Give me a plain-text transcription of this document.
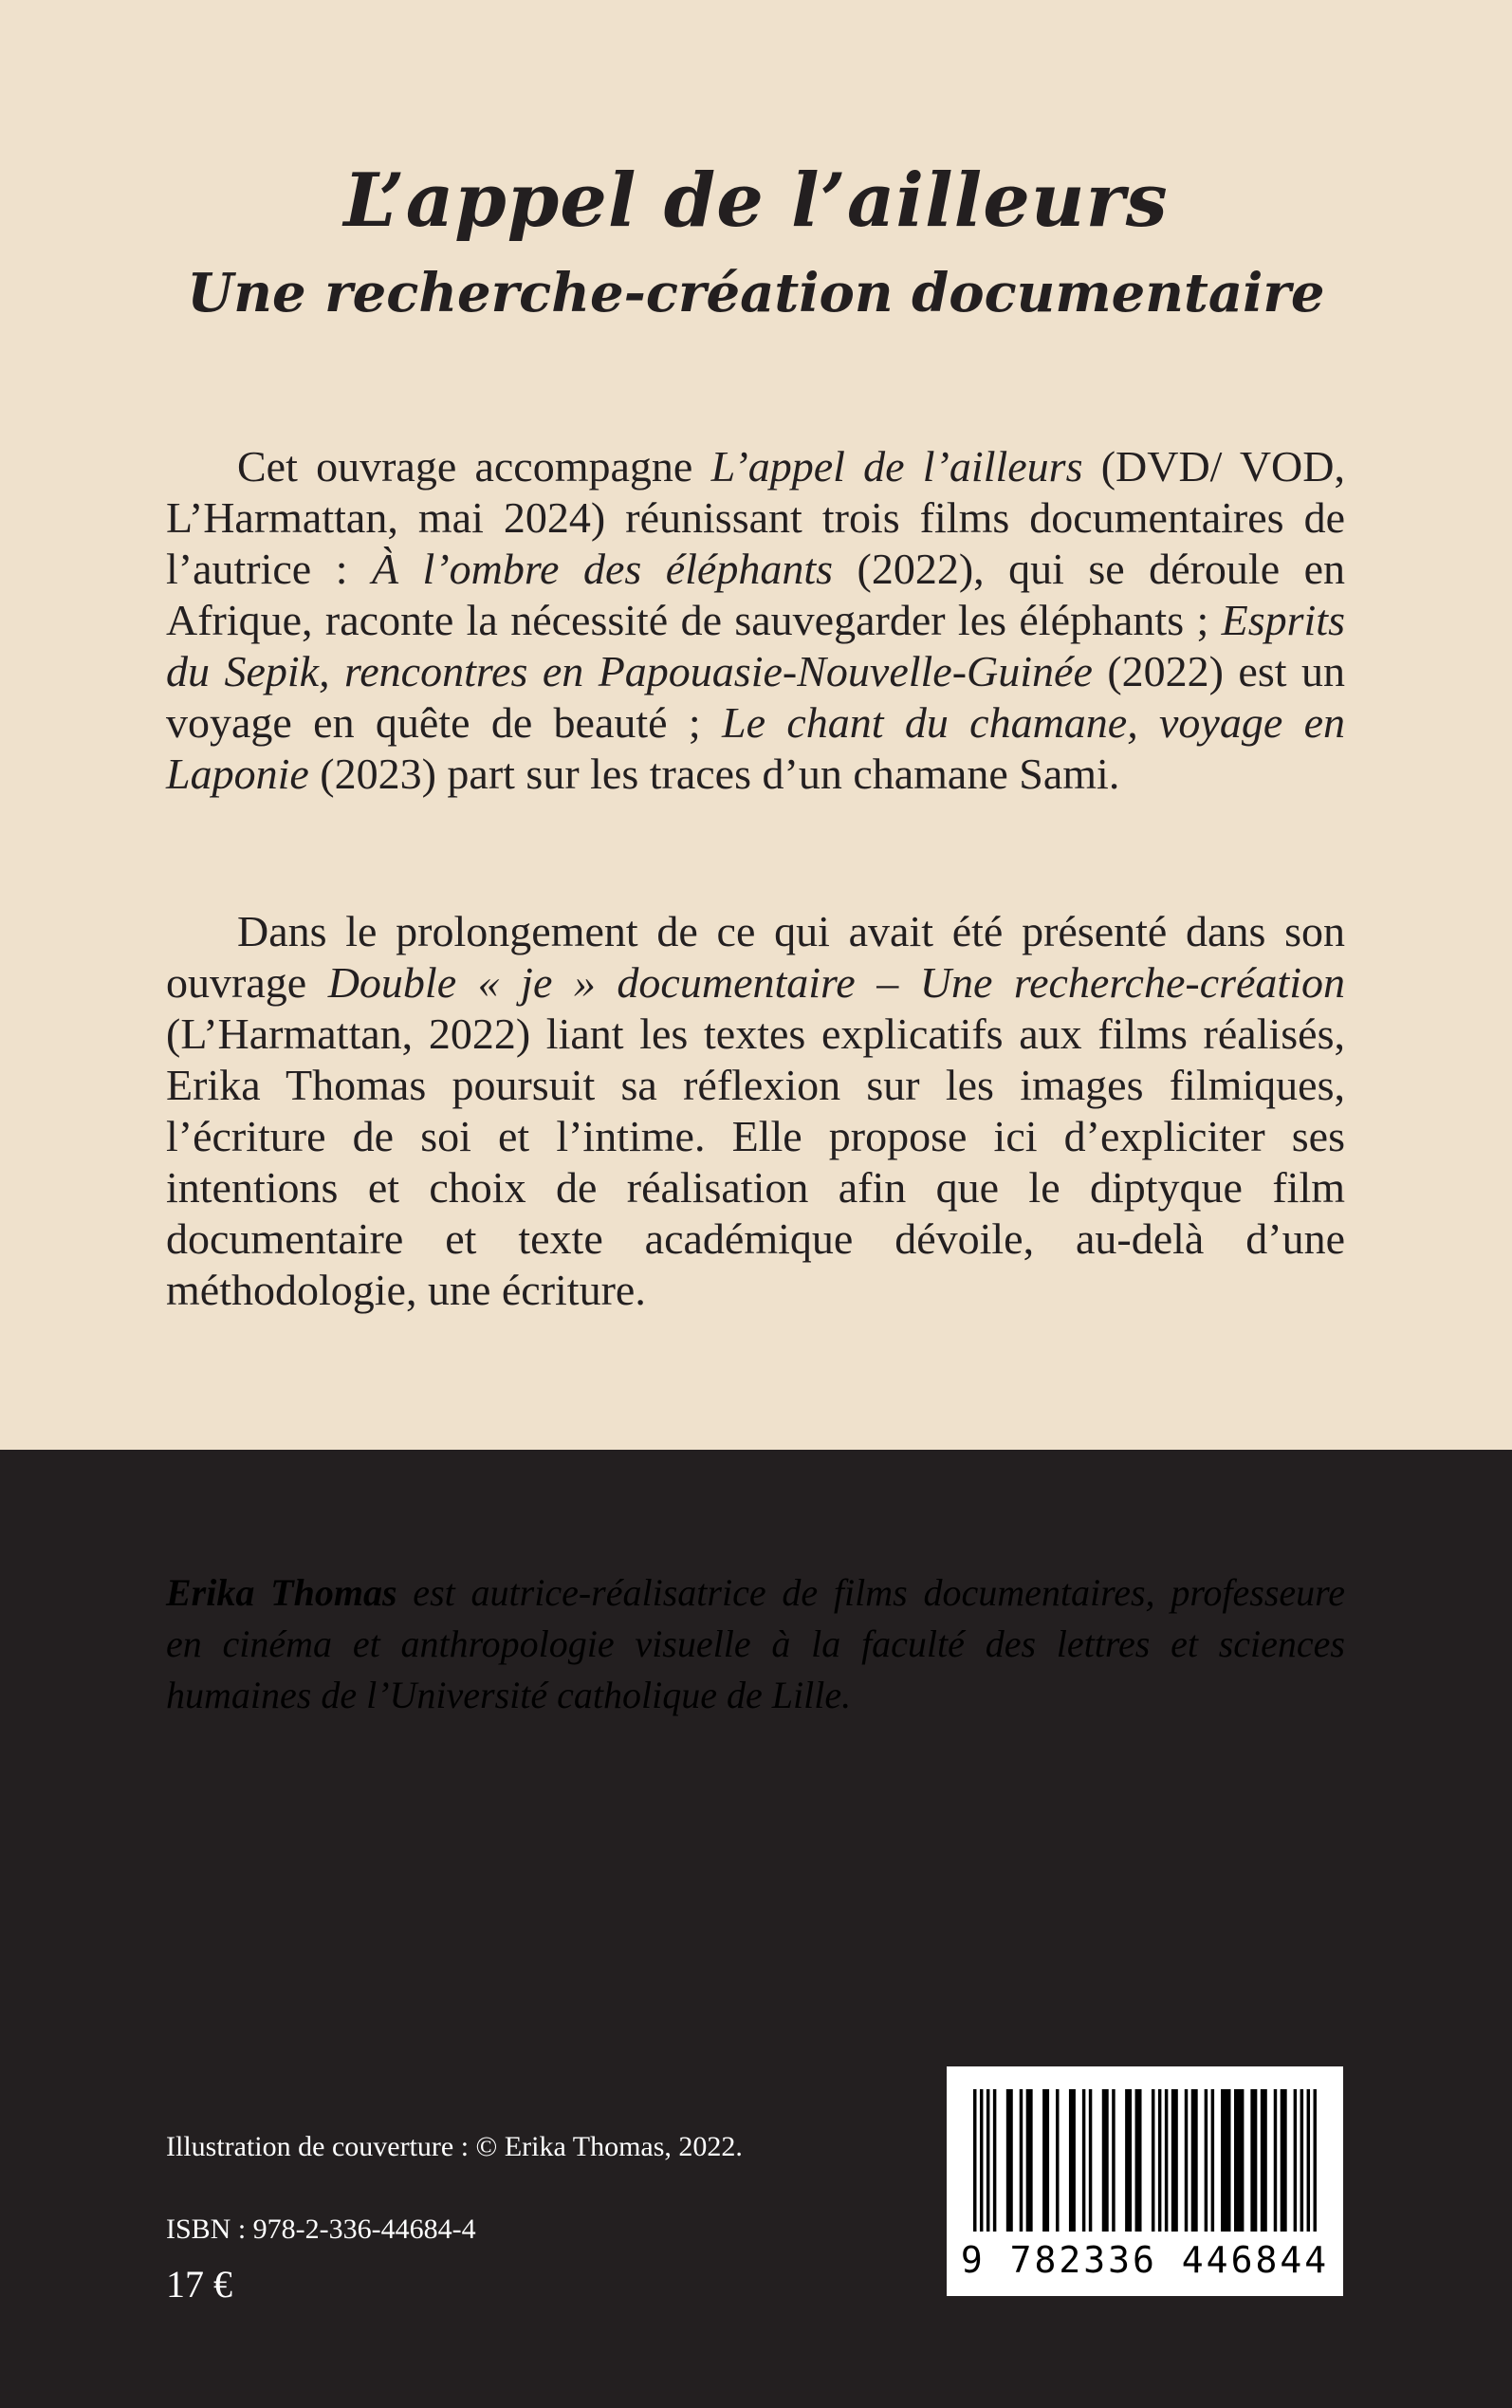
L’appel de l’ailleurs
Une recherche-création documentaire

Cet ouvrage accompagne L’appel de l’ailleurs (DVD/ VOD, L’Harmattan, mai 2024) réunissant trois films documentaires de l’autrice : À l’ombre des éléphants (2022), qui se déroule en Afrique, raconte la nécessité de sauvegarder les éléphants ; Esprits du Sepik, rencontres en Papouasie-Nouvelle-Guinée (2022) est un voyage en quête de beauté ; Le chant du chamane, voyage en Laponie (2023) part sur les traces d’un chamane Sami.

Dans le prolongement de ce qui avait été présenté dans son ouvrage Double « je » documentaire – Une recherche-création (L’Harmattan, 2022) liant les textes explicatifs aux films réalisés, Erika Thomas poursuit sa réflexion sur les images filmiques, l’écriture de soi et l’intime. Elle propose ici d’expliciter ses intentions et choix de réalisation afin que le diptyque film documentaire et texte académique dévoile, au-delà d’une méthodologie, une écriture.

Erika Thomas est autrice-réalisatrice de films documentaires, professeure en cinéma et anthropologie visuelle à la faculté des lettres et sciences humaines de l’Université catholique de Lille.

Illustration de couverture : © Erika Thomas, 2022.
ISBN : 978-2-336-44684-4
17 €
9 782336 446844
